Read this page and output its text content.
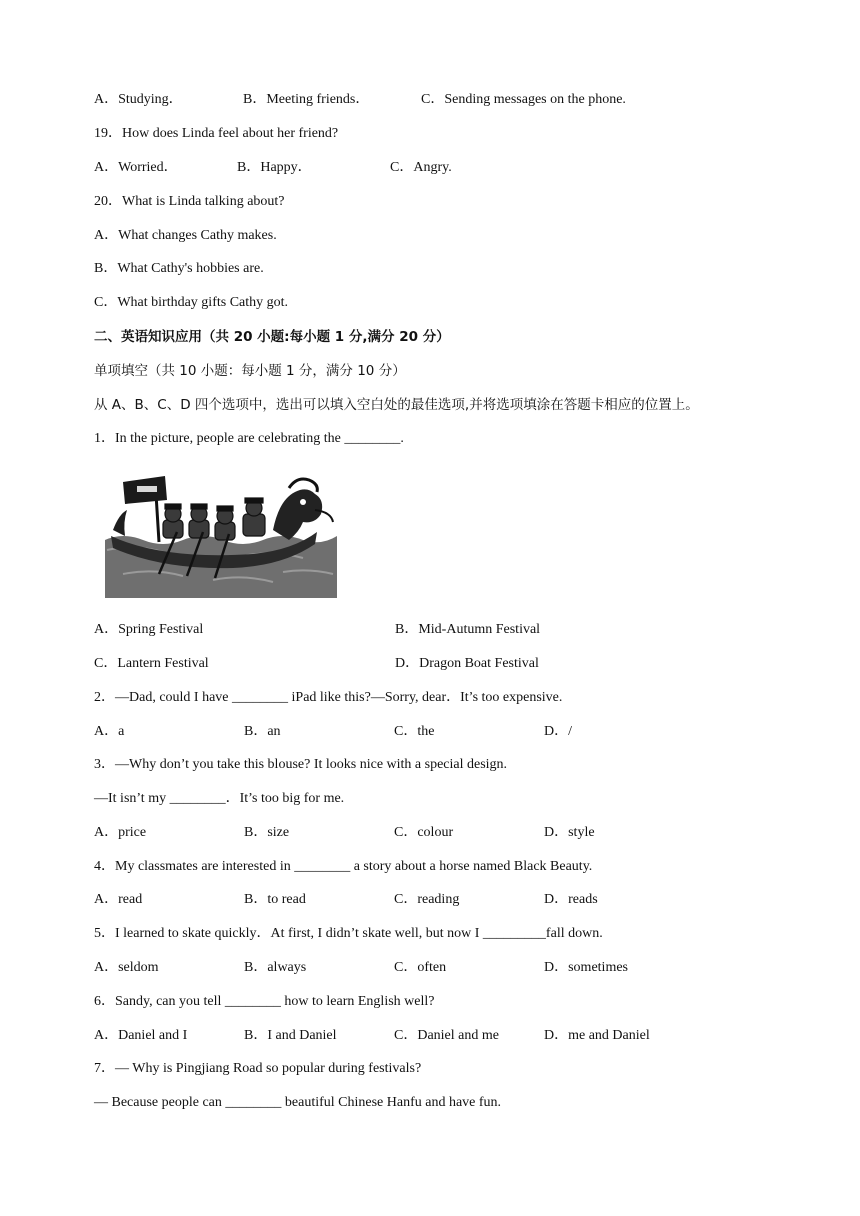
A．Studying．	B．Meeting friends．	C．Sending messages on the phone.
19．How does Linda feel about her friend?
A．Worried．	B．Happy．	C．Angry.
20．What is Linda talking about?
A．What changes Cathy makes.
B．What Cathy's hobbies are.
C．What birthday gifts Cathy got.
二、英语知识应用（共 20 小题:每小题 1 分,满分 20 分）
单项填空（共 10 小题：每小题 1 分，满分 10 分）
从 A、B、C、D 四个选项中，选出可以填入空白处的最佳选项,并将选项填涂在答题卡相应的位置上。
1．In the picture, people are celebrating the ________.
A．Spring Festival	B．Mid-Autumn Festival
C．Lantern Festival	D．Dragon Boat Festival
2．—Dad, could I have ________ iPad like this?—Sorry, dear．It’s too expensive.
A．a	B．an	C．the	D．/
3．—Why don’t you take this blouse? It looks nice with a special design.
—It isn’t my ________．It’s too big for me.
A．price	B．size	C．colour	D．style
4．My classmates are interested in ________ a story about a horse named Black Beauty.
A．read	B．to read	C．reading	D．reads
5．I learned to skate quickly．At first, I didn’t skate well, but now I _________fall down.
A．seldom	B．always	C．often	D．sometimes
6．Sandy, can you tell ________ how to learn English well?
A．Daniel and I	B．I and Daniel	C．Daniel and me	D．me and Daniel
7．— Why is Pingjiang Road so popular during festivals?
— Because people can ________ beautiful Chinese Hanfu and have fun.
